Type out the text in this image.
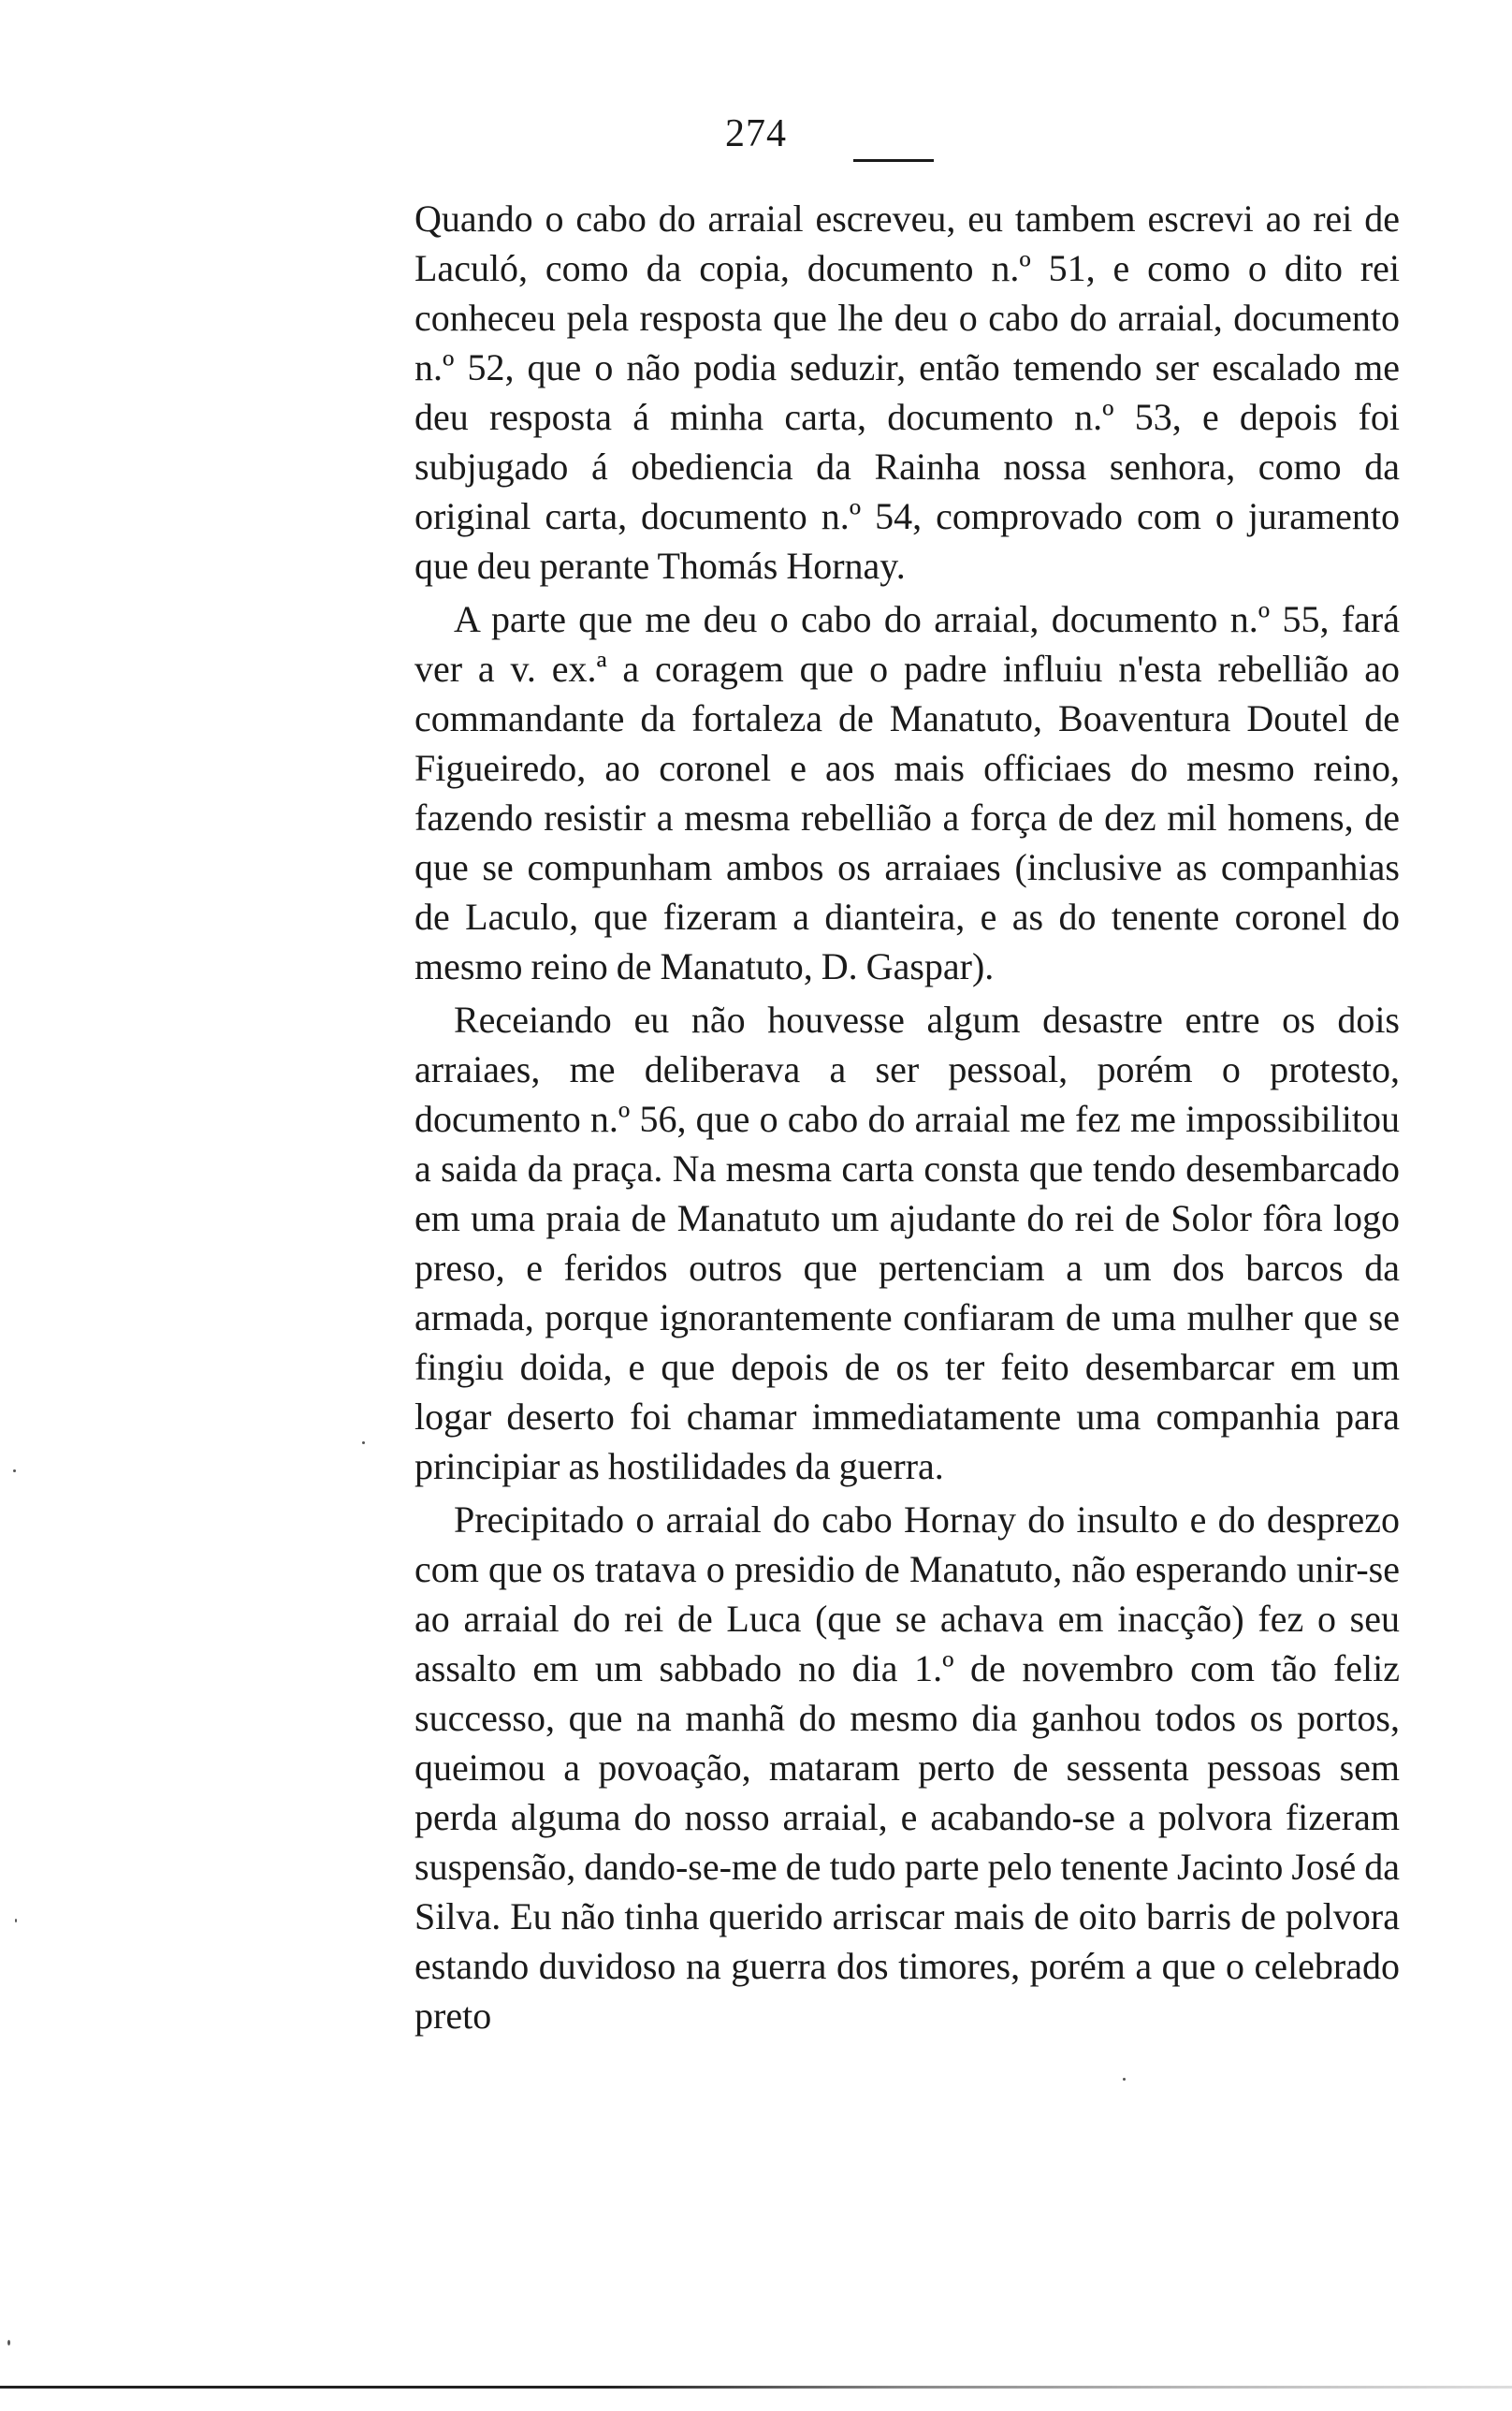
274

Quando o cabo do arraial escreveu, eu tambem escrevi ao rei de Laculó, como da copia, documento n.º 51, e como o dito rei conheceu pela resposta que lhe deu o cabo do arraial, documento n.º 52, que o não podia seduzir, então temendo ser escalado me deu resposta á minha carta, documento n.º 53, e depois foi subjugado á obediencia da Rainha nossa senhora, como da original carta, documento n.º 54, comprovado com o juramento que deu perante Thomás Hornay.

A parte que me deu o cabo do arraial, documento n.º 55, fará ver a v. ex.ª a coragem que o padre influiu n'esta rebellião ao commandante da fortaleza de Manatuto, Boaventura Doutel de Figueiredo, ao coronel e aos mais officiaes do mesmo reino, fazendo resistir a mesma rebellião a força de dez mil homens, de que se compunham ambos os arraiaes (inclusive as companhias de Laculo, que fizeram a dianteira, e as do tenente coronel do mesmo reino de Manatuto, D. Gaspar).

Receiando eu não houvesse algum desastre entre os dois arraiaes, me deliberava a ser pessoal, porém o protesto, documento n.º 56, que o cabo do arraial me fez me impossibilitou a saida da praça. Na mesma carta consta que tendo desembarcado em uma praia de Manatuto um ajudante do rei de Solor fôra logo preso, e feridos outros que pertenciam a um dos barcos da armada, porque ignorantemente confiaram de uma mulher que se fingiu doida, e que depois de os ter feito desembarcar em um logar deserto foi chamar immediatamente uma companhia para principiar as hostilidades da guerra.

Precipitado o arraial do cabo Hornay do insulto e do desprezo com que os tratava o presidio de Manatuto, não esperando unir-se ao arraial do rei de Luca (que se achava em inacção) fez o seu assalto em um sabbado no dia 1.º de novembro com tão feliz successo, que na manhã do mesmo dia ganhou todos os portos, queimou a povoação, mataram perto de sessenta pessoas sem perda alguma do nosso arraial, e acabando-se a polvora fizeram suspensão, dando-se-me de tudo parte pelo tenente Jacinto José da Silva. Eu não tinha querido arriscar mais de oito barris de polvora estando duvidoso na guerra dos timores, porém a que o celebrado preto
